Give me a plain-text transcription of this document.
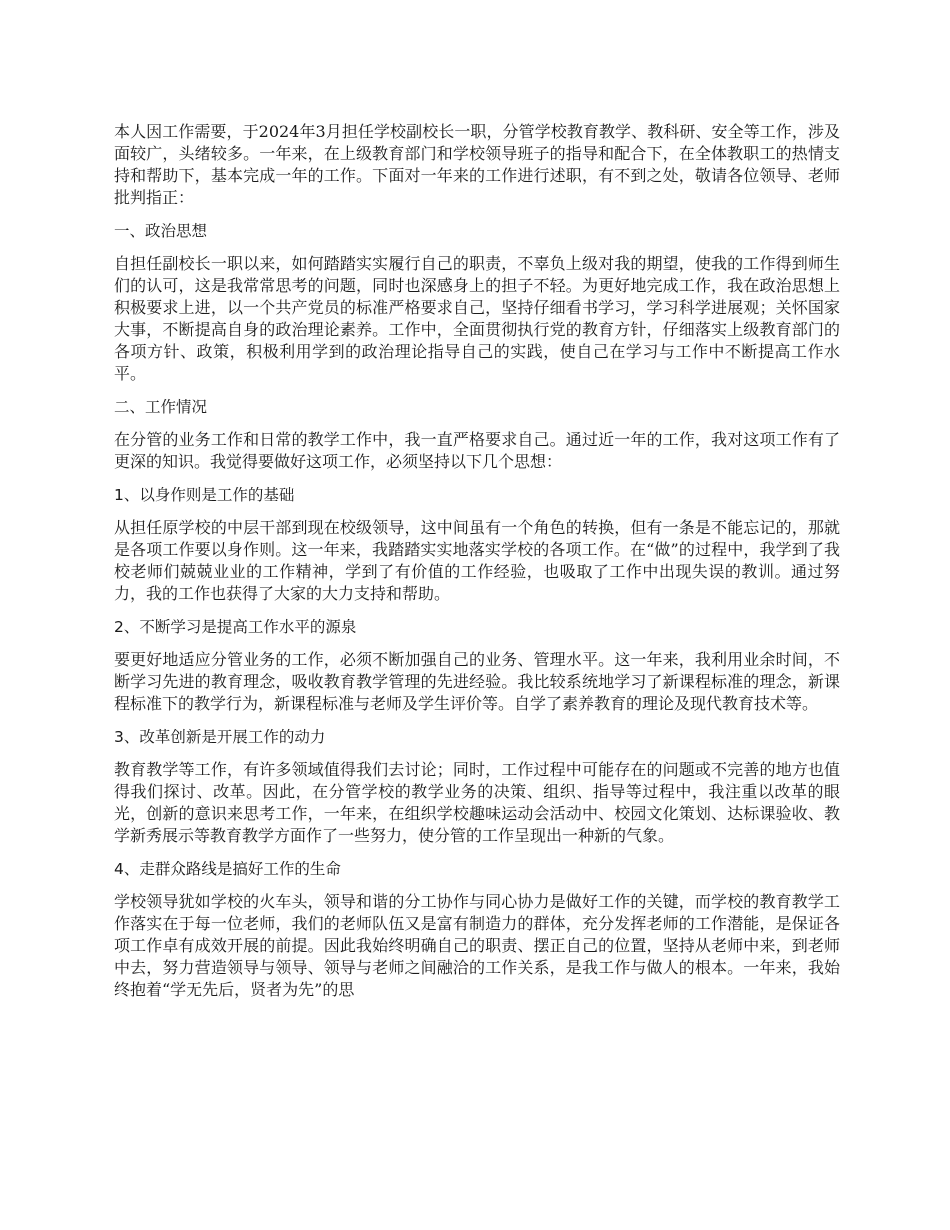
本人因工作需要，于2024年3月担任学校副校长一职，分管学校教育教学、教科研、安全等工作，涉及面较广，头绪较多。一年来，在上级教育部门和学校领导班子的指导和配合下，在全体教职工的热情支持和帮助下，基本完成一年的工作。下面对一年来的工作进行述职，有不到之处，敬请各位领导、老师批判指正：

一、政治思想

自担任副校长一职以来，如何踏踏实实履行自己的职责，不辜负上级对我的期望，使我的工作得到师生们的认可，这是我常常思考的问题，同时也深感身上的担子不轻。为更好地完成工作，我在政治思想上积极要求上进，以一个共产党员的标准严格要求自己，坚持仔细看书学习，学习科学进展观；关怀国家大事，不断提高自身的政治理论素养。工作中，全面贯彻执行党的教育方针，仔细落实上级教育部门的各项方针、政策，积极利用学到的政治理论指导自己的实践，使自己在学习与工作中不断提高工作水平。

二、工作情况

在分管的业务工作和日常的教学工作中，我一直严格要求自己。通过近一年的工作，我对这项工作有了更深的知识。我觉得要做好这项工作，必须坚持以下几个思想：

1、以身作则是工作的基础

从担任原学校的中层干部到现在校级领导，这中间虽有一个角色的转换，但有一条是不能忘记的，那就是各项工作要以身作则。这一年来，我踏踏实实地落实学校的各项工作。在“做”的过程中，我学到了我校老师们兢兢业业的工作精神，学到了有价值的工作经验，也吸取了工作中出现失误的教训。通过努力，我的工作也获得了大家的大力支持和帮助。

2、不断学习是提高工作水平的源泉

要更好地适应分管业务的工作，必须不断加强自己的业务、管理水平。这一年来，我利用业余时间，不断学习先进的教育理念，吸收教育教学管理的先进经验。我比较系统地学习了新课程标准的理念，新课程标准下的教学行为，新课程标准与老师及学生评价等。自学了素养教育的理论及现代教育技术等。

3、改革创新是开展工作的动力

教育教学等工作，有许多领域值得我们去讨论；同时，工作过程中可能存在的问题或不完善的地方也值得我们探讨、改革。因此，在分管学校的教学业务的决策、组织、指导等过程中，我注重以改革的眼光，创新的意识来思考工作，一年来，在组织学校趣味运动会活动中、校园文化策划、达标课验收、教学新秀展示等教育教学方面作了一些努力，使分管的工作呈现出一种新的气象。

4、走群众路线是搞好工作的生命

学校领导犹如学校的火车头，领导和谐的分工协作与同心协力是做好工作的关键，而学校的教育教学工作落实在于每一位老师，我们的老师队伍又是富有制造力的群体，充分发挥老师的工作潜能，是保证各项工作卓有成效开展的前提。因此我始终明确自己的职责、摆正自己的位置，坚持从老师中来，到老师中去，努力营造领导与领导、领导与老师之间融洽的工作关系，是我工作与做人的根本。一年来，我始终抱着“学无先后，贤者为先”的思
